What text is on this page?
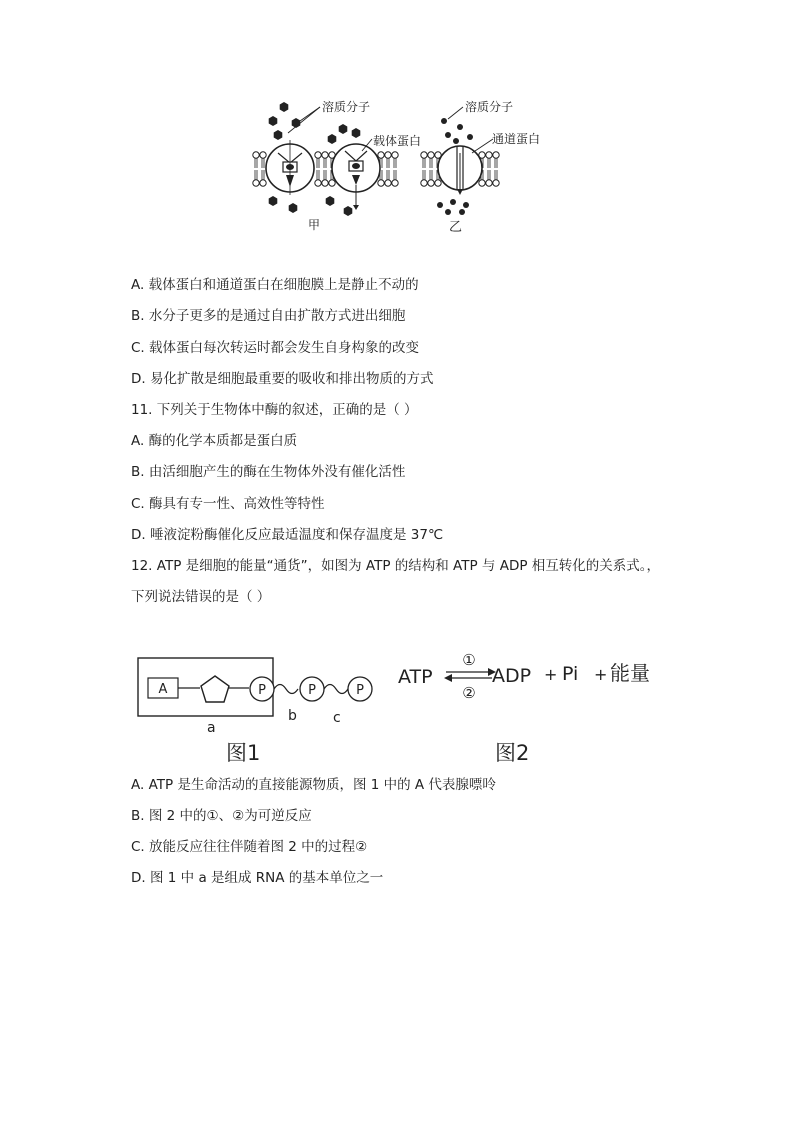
溶质分子
载体蛋白
溶质分子
通道蛋白
甲	乙
A. 载体蛋白和通道蛋白在细胞膜上是静止不动的
B. 水分子更多的是通过自由扩散方式进出细胞
C. 载体蛋白每次转运时都会发生自身构象的改变
D. 易化扩散是细胞最重要的吸收和排出物质的方式
11. 下列关于生物体中酶的叙述，正确的是（ ）
A. 酶的化学本质都是蛋白质
B. 由活细胞产生的酶在生物体外没有催化活性
C. 酶具有专一性、高效性等特性
D. 唾液淀粉酶催化反应最适温度和保存温度是 37℃
12. ATP 是细胞的能量“通货”，如图为 ATP 的结构和 ATP 与 ADP 相互转化的关系式。，
下列说法错误的是（ ）
A	P	P	P
a
b	c
图1
ATP
①
②
ADP + Pi + 能量
图2
A. ATP 是生命活动的直接能源物质，图 1 中的 A 代表腺嘌呤
B. 图 2 中的①、②为可逆反应
C. 放能反应往往伴随着图 2 中的过程②
D. 图 1 中 a 是组成 RNA 的基本单位之一
